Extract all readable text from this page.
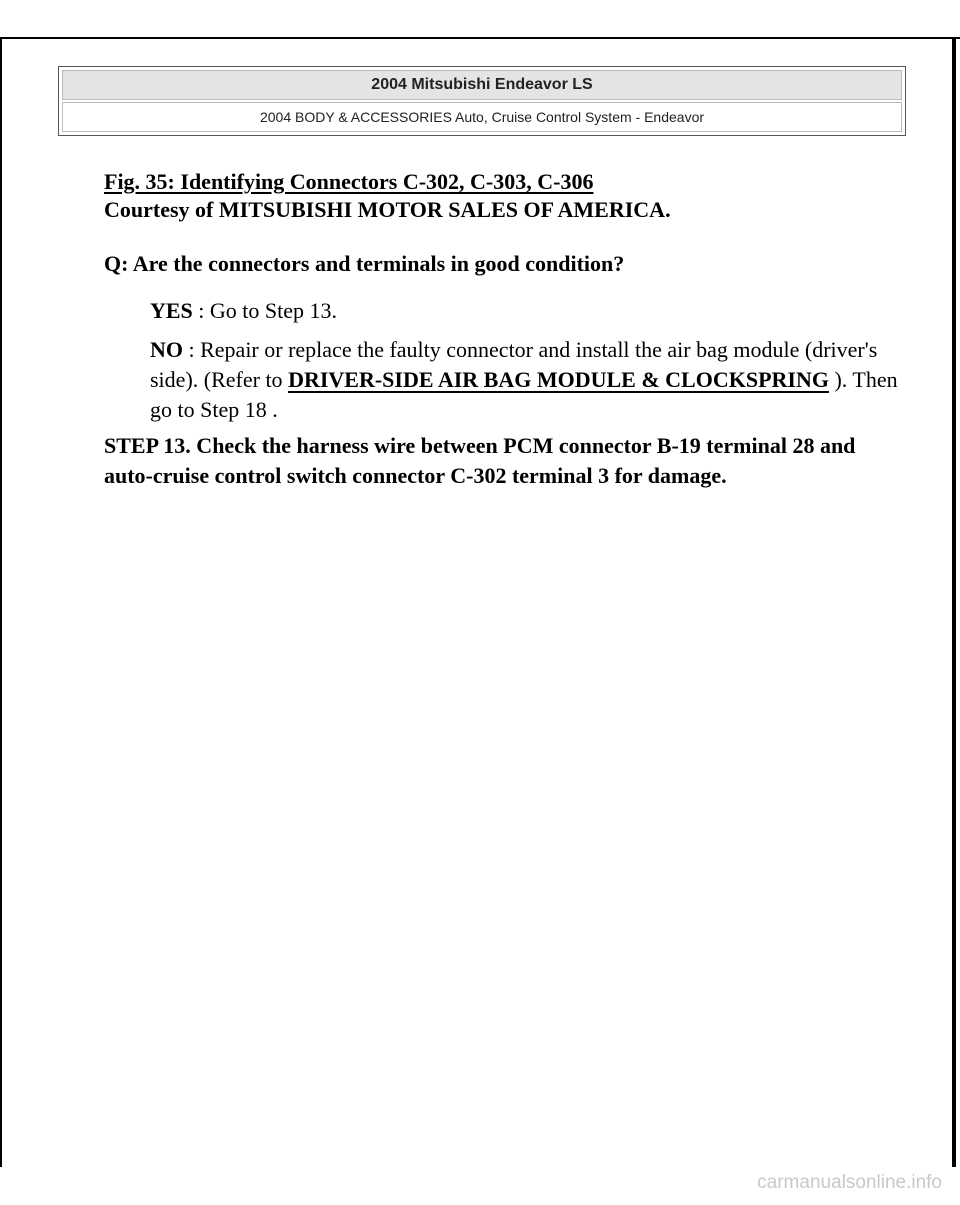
2004 Mitsubishi Endeavor LS
2004 BODY & ACCESSORIES Auto, Cruise Control System - Endeavor
Fig. 35: Identifying Connectors C-302, C-303, C-306
Courtesy of MITSUBISHI MOTOR SALES OF AMERICA.
Q: Are the connectors and terminals in good condition?
YES : Go to Step 13.
NO : Repair or replace the faulty connector and install the air bag module (driver's side). (Refer to DRIVER-SIDE AIR BAG MODULE & CLOCKSPRING ). Then go to Step 18 .
STEP 13. Check the harness wire between PCM connector B-19 terminal 28 and auto-cruise control switch connector C-302 terminal 3 for damage.
carmanualsonline.info
